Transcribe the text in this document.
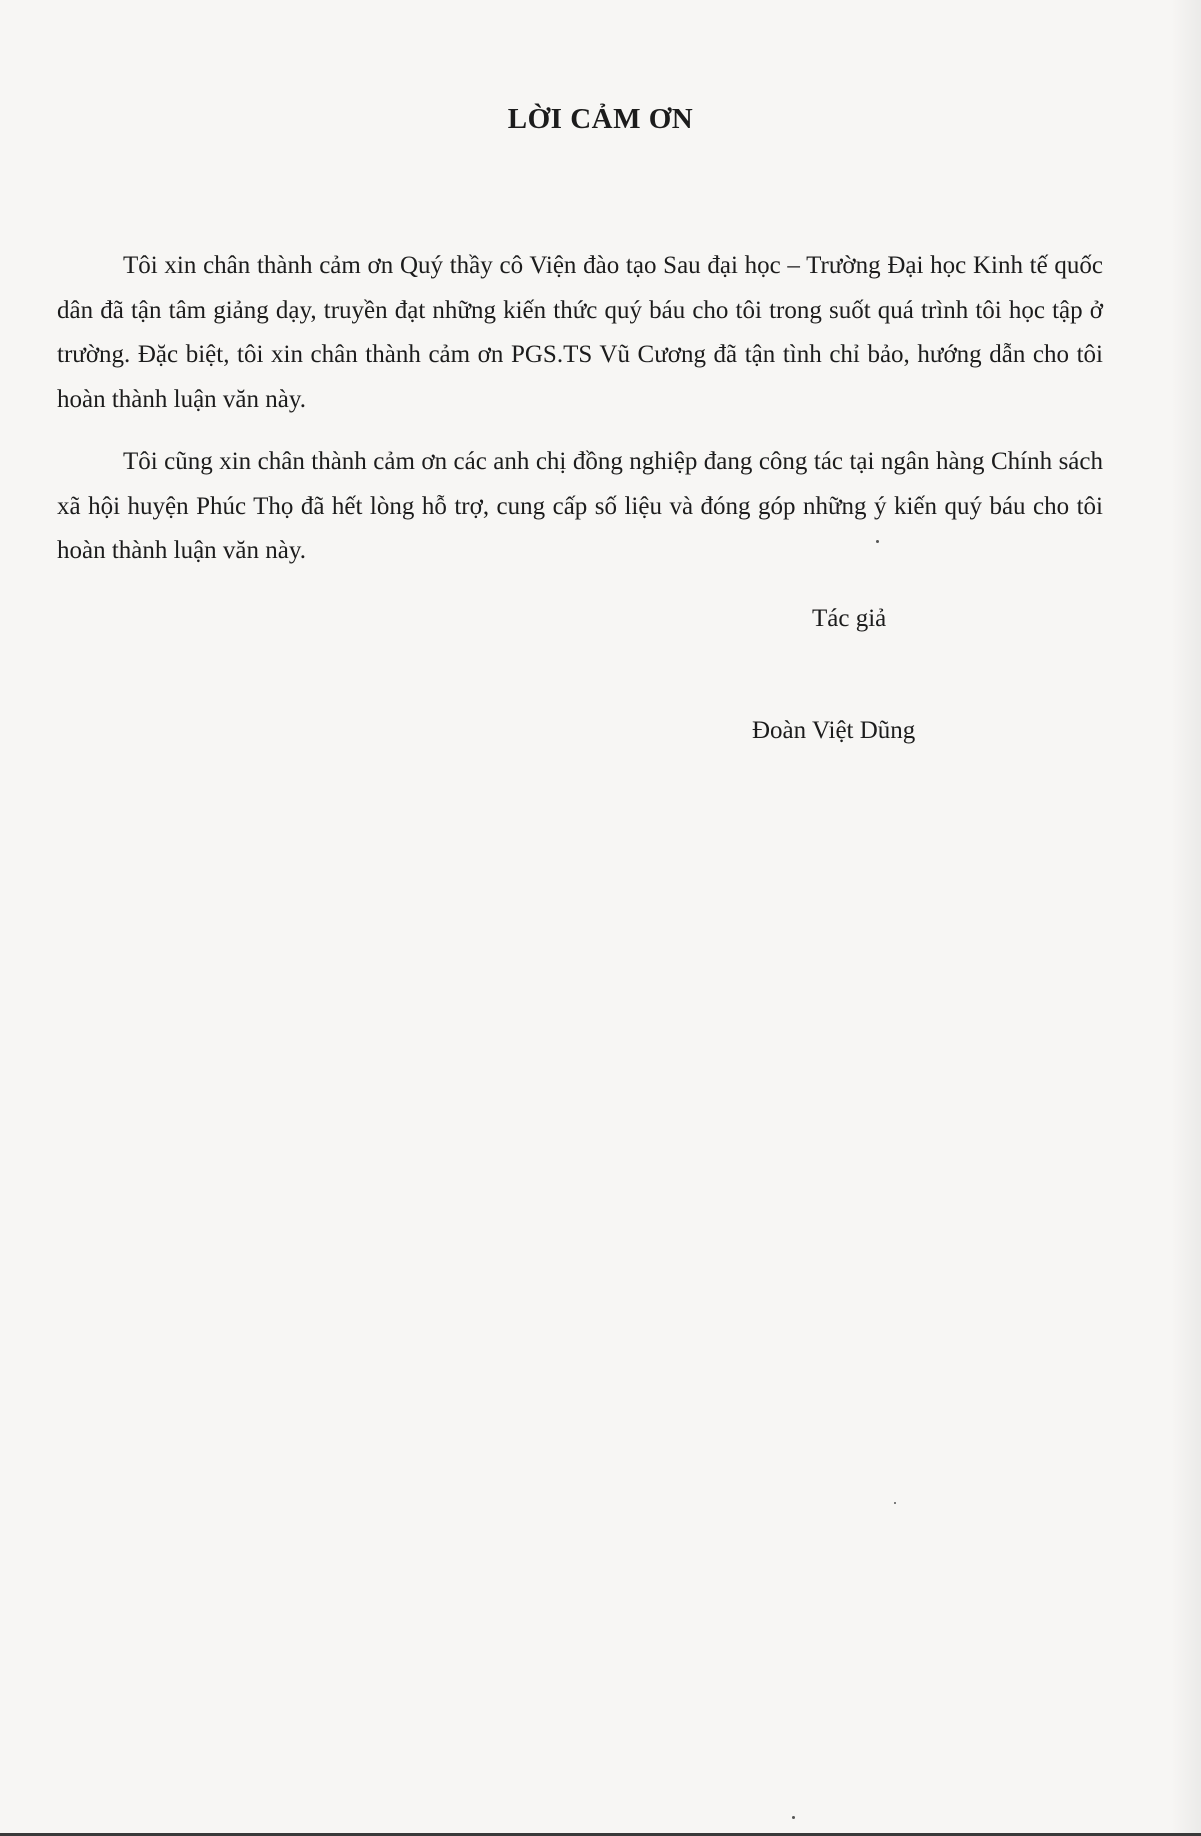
LỜI CẢM ƠN

Tôi xin chân thành cảm ơn Quý thầy cô Viện đào tạo Sau đại học – Trường Đại học Kinh tế quốc dân đã tận tâm giảng dạy, truyền đạt những kiến thức quý báu cho tôi trong suốt quá trình tôi học tập ở trường. Đặc biệt, tôi xin chân thành cảm ơn PGS.TS Vũ Cương đã tận tình chỉ bảo, hướng dẫn cho tôi hoàn thành luận văn này.

Tôi cũng xin chân thành cảm ơn các anh chị đồng nghiệp đang công tác tại ngân hàng Chính sách xã hội huyện Phúc Thọ đã hết lòng hỗ trợ, cung cấp số liệu và đóng góp những ý kiến quý báu cho tôi hoàn thành luận văn này.

Tác giả

Đoàn Việt Dũng
